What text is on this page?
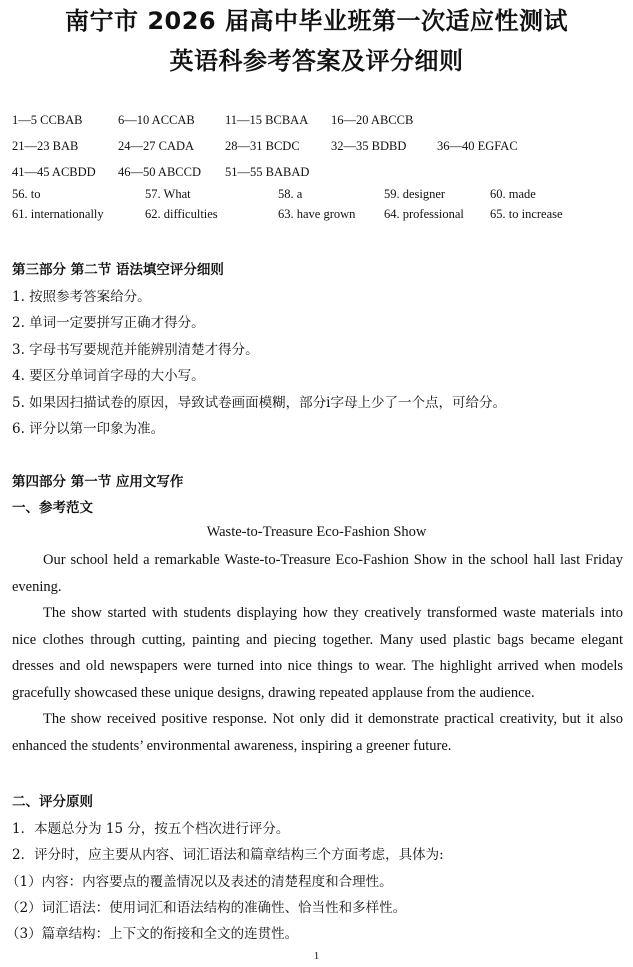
南宁市 2026 届高中毕业班第一次适应性测试
英语科参考答案及评分细则
1—5 CCBAB	6—10 ACCAB 11—15 BCBAA 16—20 ABCCB
21—23 BAB	24—27 CADA 28—31 BCDC	32—35 BDBD 36—40 EGFAC
41—45 ACBDD 46—50 ABCCD 51—55 BABAD
56. to	57. What	58. a	59. designer	60. made
61. internationally	62. difficulties	63. have grown 64. professional 65. to increase
第三部分 第二节 语法填空评分细则
1. 按照参考答案给分。
2. 单词一定要拼写正确才得分。
3. 字母书写要规范并能辨别清楚才得分。
4. 要区分单词首字母的大小写。
5. 如果因扫描试卷的原因，导致试卷画面模糊，部分i字母上少了一个点，可给分。
6. 评分以第一印象为准。
第四部分 第一节 应用文写作
一、参考范文
Waste-to-Treasure Eco-Fashion Show

Our school held a remarkable Waste-to-Treasure Eco-Fashion Show in the school hall last Friday evening.

The show started with students displaying how they creatively transformed waste materials into nice clothes through cutting, painting and piecing together. Many used plastic bags became elegant dresses and old newspapers were turned into nice things to wear. The highlight arrived when models gracefully showcased these unique designs, drawing repeated applause from the audience.

The show received positive response. Not only did it demonstrate practical creativity, but it also enhanced the students’ environmental awareness, inspiring a greener future.

二、评分原则
1．本题总分为 15 分，按五个档次进行评分。
2．评分时，应主要从内容、词汇语法和篇章结构三个方面考虑，具体为:
（1）内容：内容要点的覆盖情况以及表述的清楚程度和合理性。
（2）词汇语法：使用词汇和语法结构的准确性、恰当性和多样性。
（3）篇章结构：上下文的衔接和全文的连贯性。
1
